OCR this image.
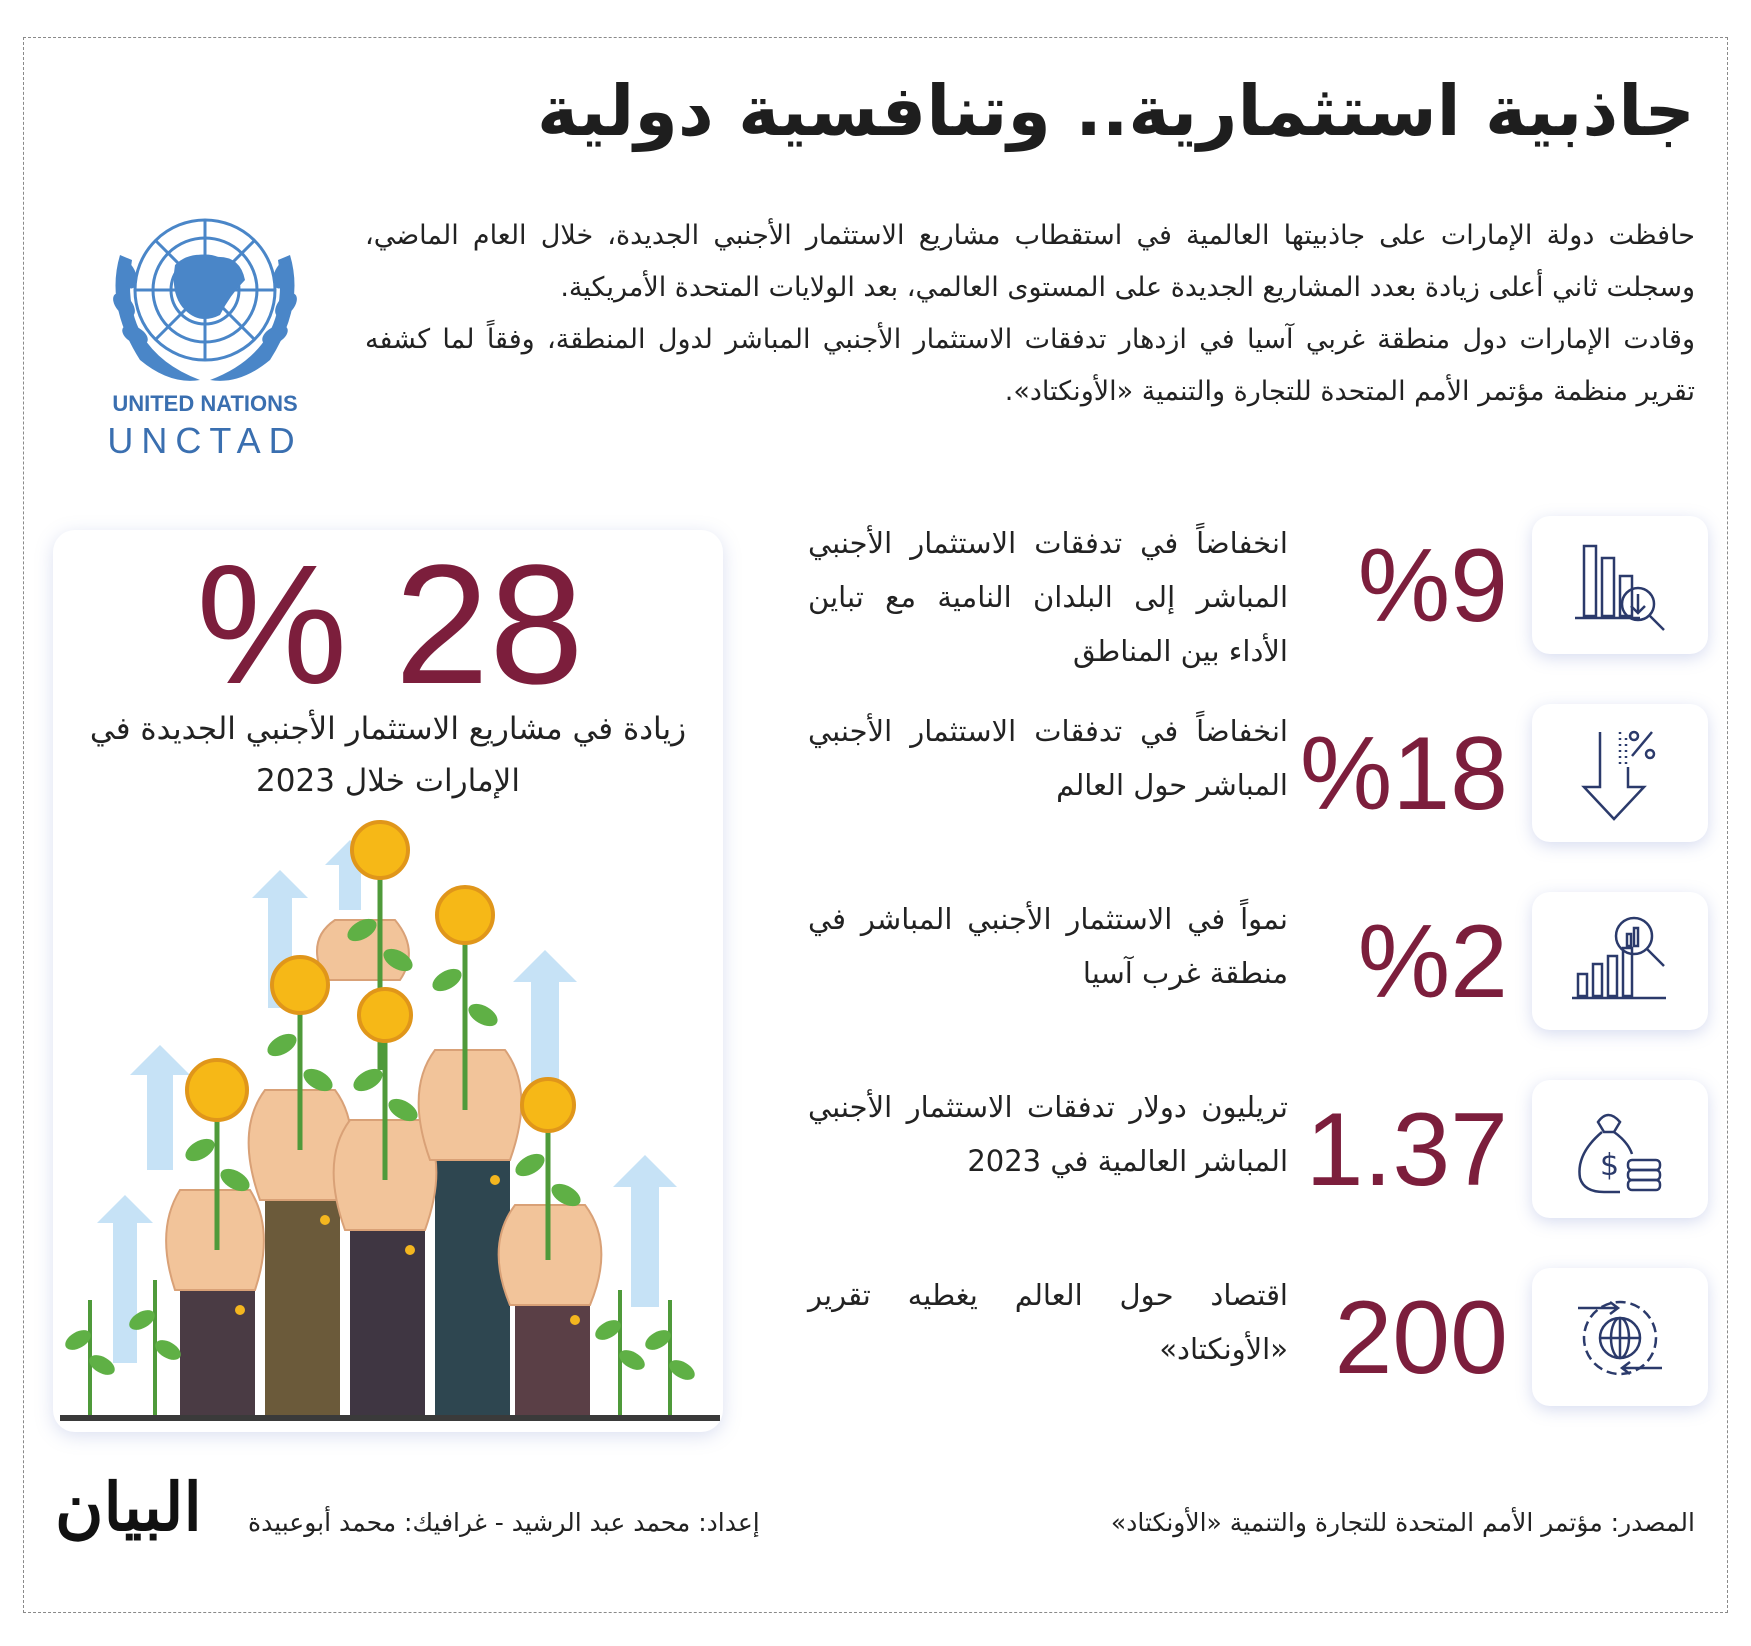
جاذبية استثمارية.. وتنافسية دولية

حافظت دولة الإمارات على جاذبيتها العالمية في استقطاب مشاريع الاستثمار الأجنبي الجديدة، خلال العام الماضي، وسجلت ثاني أعلى زيادة بعدد المشاريع الجديدة على المستوى العالمي، بعد الولايات المتحدة الأمريكية.

وقادت الإمارات دول منطقة غربي آسيا في ازدهار تدفقات الاستثمار الأجنبي المباشر لدول المنطقة، وفقاً لما كشفه تقرير منظمة مؤتمر الأمم المتحدة للتجارة والتنمية «الأونكتاد».

UNITED NATIONS
UNCTAD
% 28
زيادة في مشاريع الاستثمار الأجنبي الجديدة في الإمارات خلال 2023
%9
انخفاضاً في تدفقات الاستثمار الأجنبي المباشر إلى البلدان النامية مع تباين الأداء بين المناطق
%18
انخفاضاً في تدفقات الاستثمار الأجنبي المباشر حول العالم
%2
نمواً في الاستثمار الأجنبي المباشر في منطقة غرب آسيا
$
1.37
تريليون دولار تدفقات الاستثمار الأجنبي المباشر العالمية في 2023
200
اقتصاد حول العالم يغطيه تقرير «الأونكتاد»
المصدر: مؤتمر الأمم المتحدة للتجارة والتنمية «الأونكتاد»
إعداد: محمد عبد الرشيد - غرافيك: محمد أبوعبيدة
البيان
